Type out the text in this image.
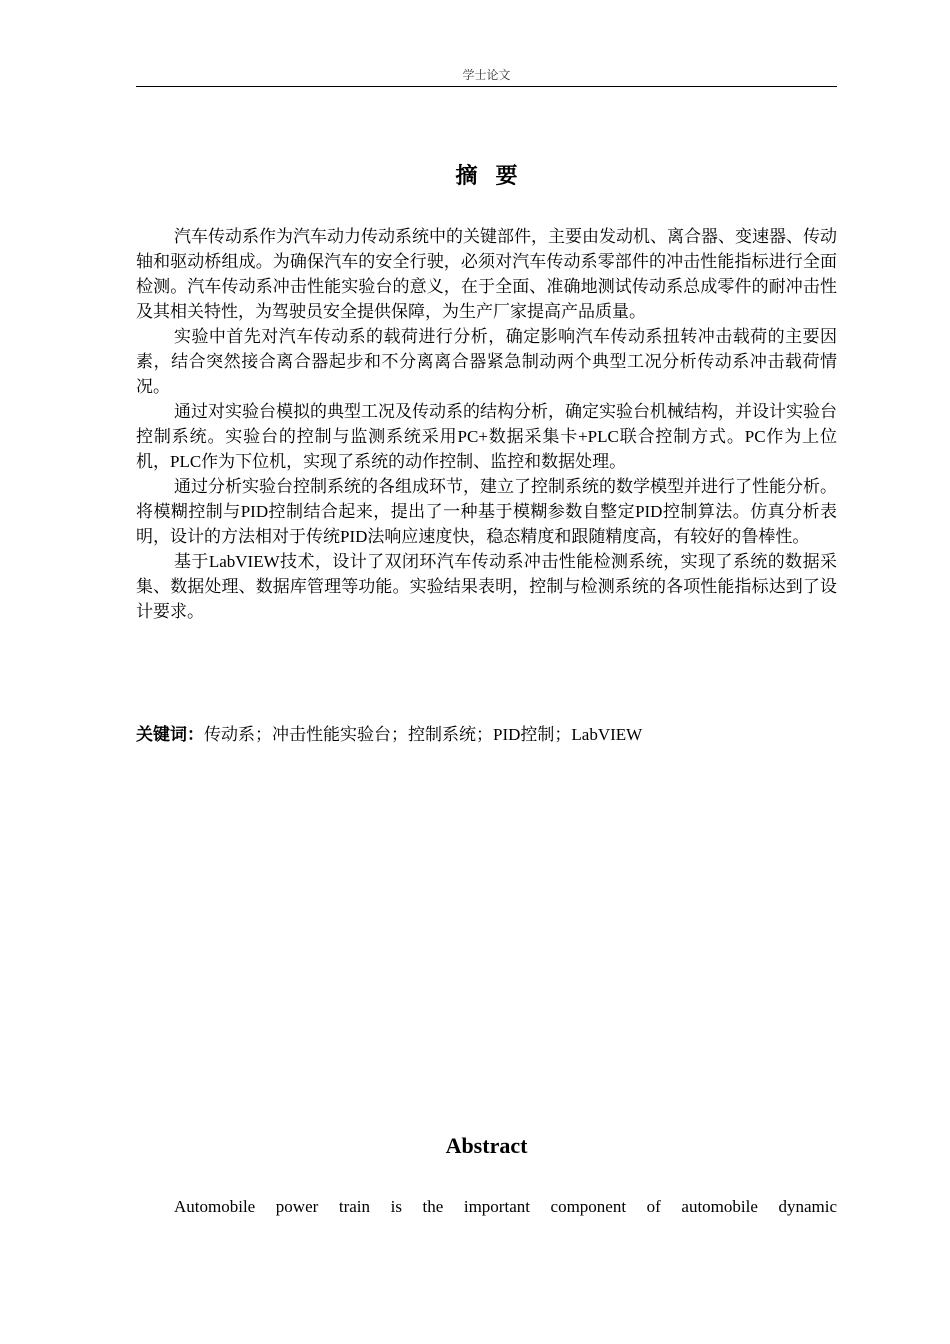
学士论文
摘要

汽车传动系作为汽车动力传动系统中的关键部件，主要由发动机、离合器、变速器、传动轴和驱动桥组成。为确保汽车的安全行驶，必须对汽车传动系零部件的冲击性能指标进行全面检测。汽车传动系冲击性能实验台的意义，在于全面、准确地测试传动系总成零件的耐冲击性及其相关特性，为驾驶员安全提供保障，为生产厂家提高产品质量。

实验中首先对汽车传动系的载荷进行分析，确定影响汽车传动系扭转冲击载荷的主要因素，结合突然接合离合器起步和不分离离合器紧急制动两个典型工况分析传动系冲击载荷情况。

通过对实验台模拟的典型工况及传动系的结构分析，确定实验台机械结构，并设计实验台控制系统。实验台的控制与监测系统采用PC+数据采集卡+PLC联合控制方式。PC作为上位机，PLC作为下位机，实现了系统的动作控制、监控和数据处理。

通过分析实验台控制系统的各组成环节，建立了控制系统的数学模型并进行了性能分析。将模糊控制与PID控制结合起来，提出了一种基于模糊参数自整定PID控制算法。仿真分析表明，设计的方法相对于传统PID法响应速度快，稳态精度和跟随精度高，有较好的鲁棒性。

基于LabVIEW技术，设计了双闭环汽车传动系冲击性能检测系统，实现了系统的数据采集、数据处理、数据库管理等功能。实验结果表明，控制与检测系统的各项性能指标达到了设计要求。

关键词：传动系；冲击性能实验台；控制系统；PID控制；LabVIEW
Abstract

Automobile power train is the important component of automobile dynamic
